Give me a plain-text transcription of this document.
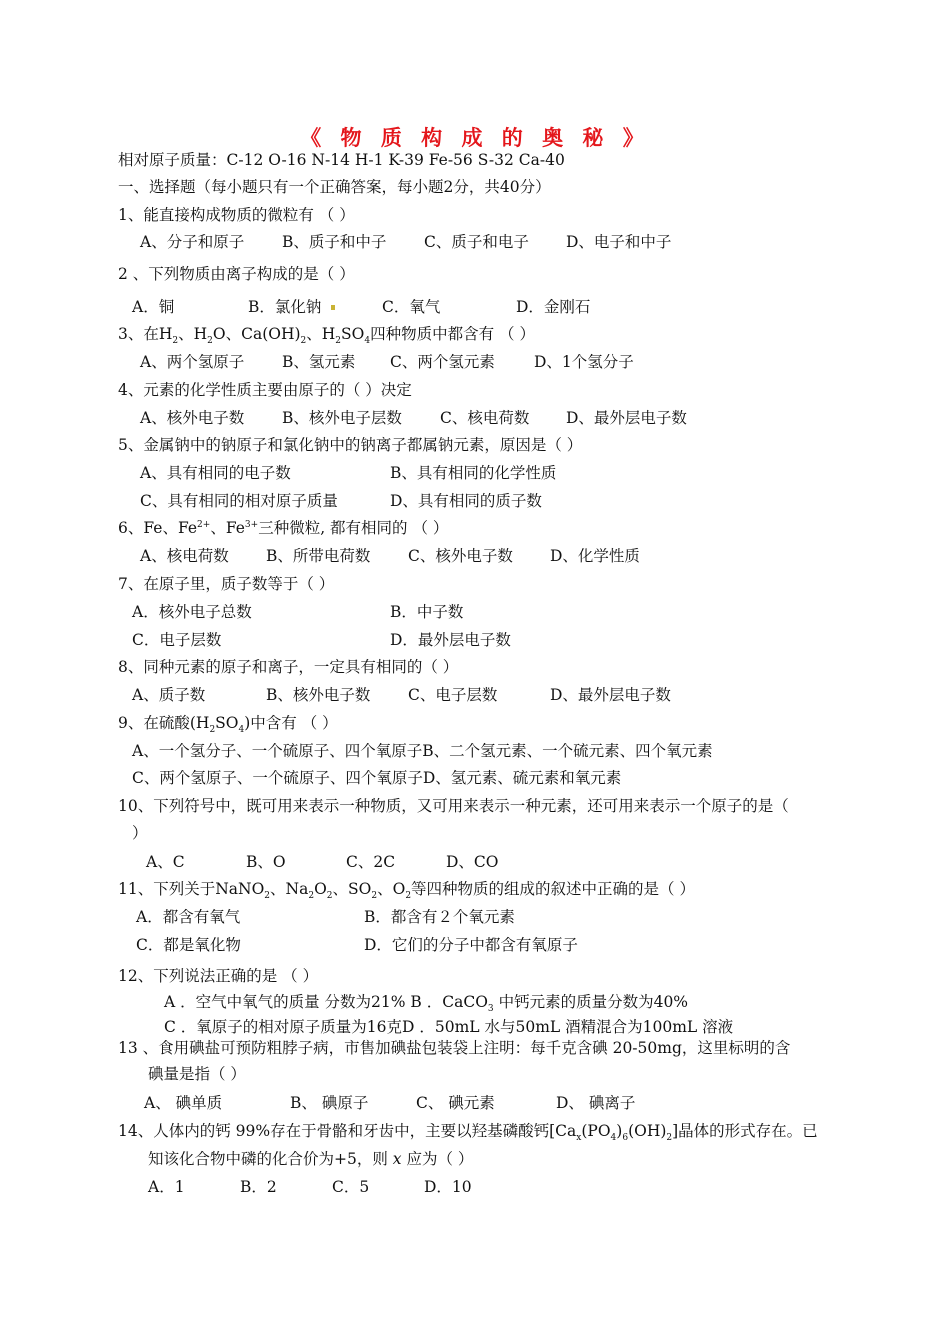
《 物 质 构 成 的 奥 秘 》
相对原子质量：C-12 O-16 N-14 H-1 K-39 Fe-56 S-32 Ca-40
一、选择题（每小题只有一个正确答案，每小题2分，共40分）
1、能直接构成物质的微粒有 （ ）
A、分子和原子 B、质子和中子 C、质子和电子 D、电子和中子
2 、下列物质由离子构成的是（ ）
A．铜	B．氯化钠	C．氧气	D．金刚石
3、在$H_2$、$H_2O$、$Ca(OH)_2$、$H_2SO_4$四种物质中都含有 （ ）
A、两个氢原子 B、氢元素 C、两个氢元素	D、1个氢分子
4、元素的化学性质主要由原子的（ ）决定
A、核外电子数 B、核外电子层数 C、核电荷数 D、最外层电子数
5、金属钠中的钠原子和氯化钠中的钠离子都属钠元素，原因是（ ）
A、具有相同的电子数	B、具有相同的化学性质
C、具有相同的相对原子质量	D、具有相同的质子数
6、Fe、$Fe^{2+}$、$Fe^{3+}$三种微粒, 都有相同的 （ ）
A、核电荷数 B、所带电荷数 C、核外电子数 D、化学性质
7、在原子里，质子数等于（ ）
A．核外电子总数	B．中子数
C．电子层数	D．最外层电子数
8、同种元素的原子和离子，一定具有相同的（ ）
A、质子数	B、核外电子数 C、电子层数	D、最外层电子数
9、在硫酸$(H_2SO_4)$中含有 （ ）
A、一个氢分子、一个硫原子、四个氧原子B、二个氢元素、一个硫元素、四个氧元素
C、两个氢原子、一个硫原子、四个氧原子D、氢元素、硫元素和氧元素
10、下列符号中，既可用来表示一种物质，又可用来表示一种元素，还可用来表示一个原子的是（
）
A、C	B、O	C、2C	D、CO
11、下列关于NaNO$_2$、$Na_2O_2$、$SO_2$、$O_2$等四种物质的组成的叙述中正确的是（ ）
A．都含有氧气	B．都含有２个氧元素
C．都是氧化物	D．它们的分子中都含有氧原子
12、下列说法正确的是 （ ）
A ．空气中氧气的质量 分数为21% B ．CaCO$_3$ 中钙元素的质量分数为40%
C ．氧原子的相对原子质量为16克D ．50mL 水与50mL 酒精混合为100mL 溶液
13 、食用碘盐可预防粗脖子病，市售加碘盐包装袋上注明：每千克含碘 20-50mg，这里标明的含
碘量是指（ ）
A、 碘单质	B、 碘原子	C、 碘元素	D、 碘离子
14、人体内的钙 99%存在于骨骼和牙齿中，主要以羟基磷酸钙$[Ca_x(PO_4)_6(OH)_2]$晶体的形式存在。已
知该化合物中磷的化合价为+5，则 x 应为（ ）
A．1	B．2	C．5	D．10
